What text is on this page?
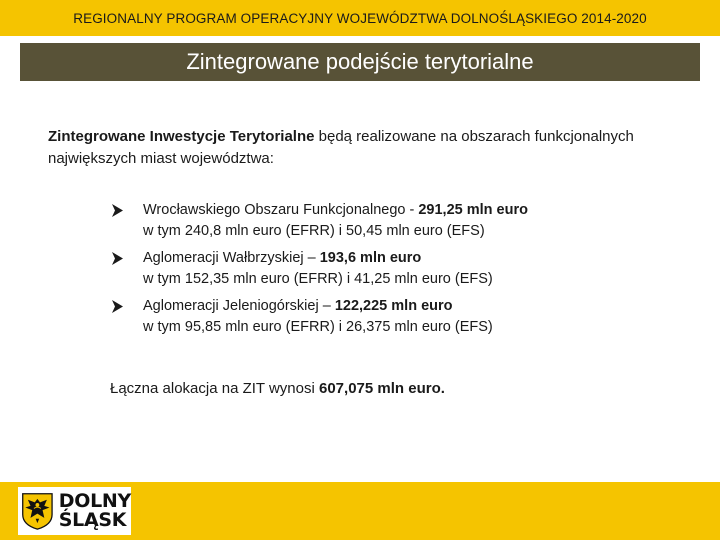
REGIONALNY PROGRAM OPERACYJNY WOJEWÓDZTWA DOLNOŚLĄSKIEGO 2014-2020
Zintegrowane podejście terytorialne
Zintegrowane Inwestycje Terytorialne będą realizowane na obszarach funkcjonalnych największych miast województwa:
Wrocławskiego Obszaru Funkcjonalnego - 291,25 mln euro
w tym 240,8 mln euro (EFRR) i 50,45 mln euro (EFS)
Aglomeracji Wałbrzyskiej – 193,6 mln euro
w tym 152,35 mln euro (EFRR) i 41,25 mln euro (EFS)
Aglomeracji Jeleniogórskiej – 122,225 mln euro
w tym 95,85 mln euro (EFRR) i 26,375 mln euro (EFS)
Łączna alokacja na ZIT wynosi 607,075 mln euro.
DOLNY
ŚLĄSK
